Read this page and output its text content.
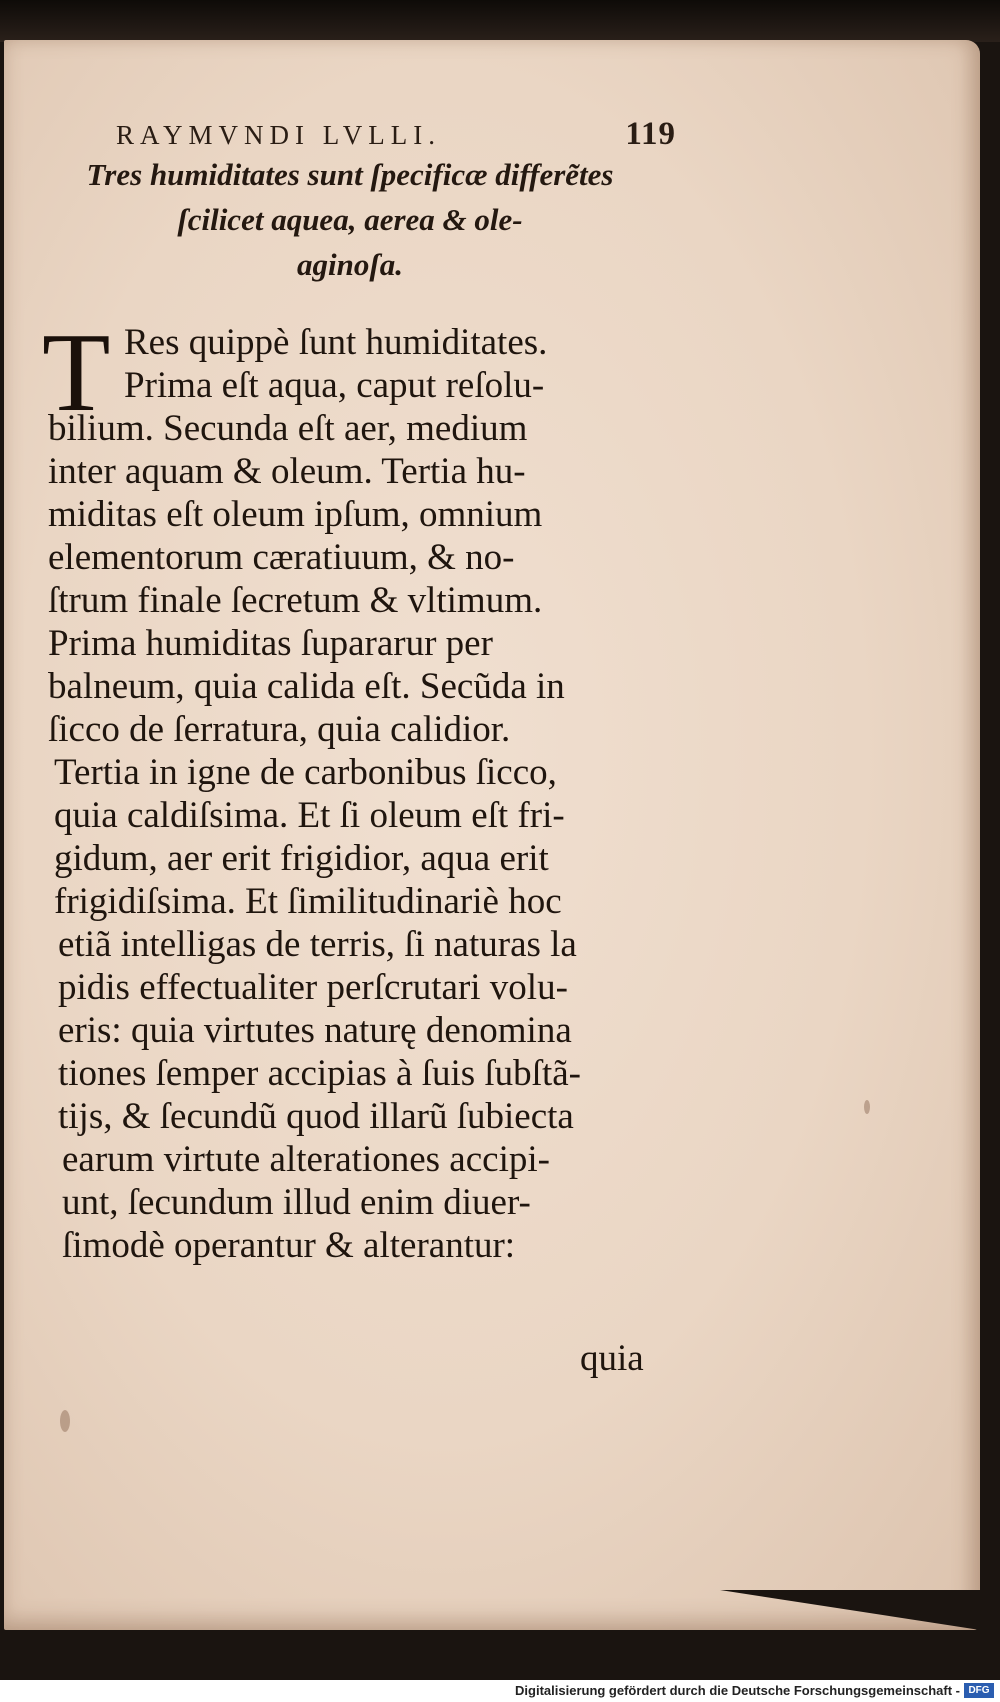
RAYMVNDI LVLLI.	119
Tres humiditates sunt ſpecificæ differẽtes
ſcilicet aquea, aerea & ole-
aginoſa.
T Res quippè ſunt humiditates.
Prima eſt aqua, caput reſolu-
bilium. Secunda eſt aer, medium
inter aquam & oleum. Tertia hu-
miditas eſt oleum ipſum, omnium
elementorum cæratiuum, & no-
ſtrum finale ſecretum & vltimum.
Prima humiditas ſupararur per
balneum, quia calida eſt. Secũda in
ſicco de ſerratura, quia calidior.
Tertia in igne de carbonibus ſicco,
quia caldiſsima. Et ſi oleum eſt fri-
gidum, aer erit frigidior, aqua erit
frigidiſsima. Et ſimilitudinariè hoc
etiã intelligas de terris, ſi naturas la
pidis effectualiter perſcrutari volu-
eris: quia virtutes naturę denomina
tiones ſemper accipias à ſuis ſubſtã-
tijs, & ſecundũ quod illarũ ſubiecta
earum virtute alterationes accipi-
unt, ſecundum illud enim diuer-
ſimodè operantur & alterantur:
quia
Digitalisierung gefördert durch die Deutsche Forschungsgemeinschaft - DFG
